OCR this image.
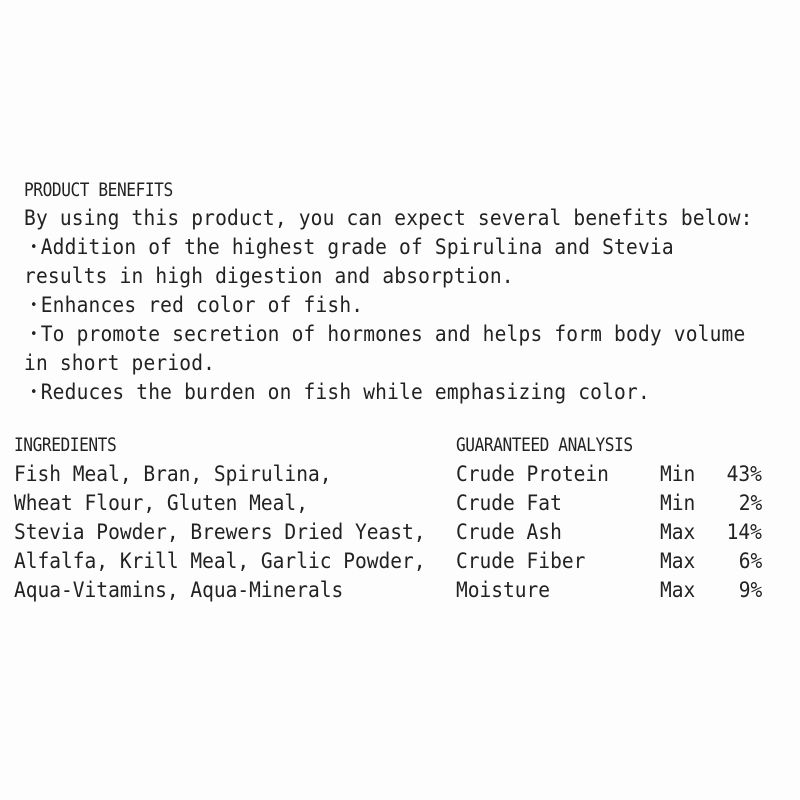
PRODUCT BENEFITS
By using this product, you can expect several benefits below:
・Addition of the highest grade of Spirulina and Stevia
results in high digestion and absorption.
・Enhances red color of fish.
・To promote secretion of hormones and helps form body volume
in short period.
・Reduces the burden on fish while emphasizing color.
INGREDIENTS
Fish Meal, Bran, Spirulina,
Wheat Flour, Gluten Meal,
Stevia Powder, Brewers Dried Yeast,
Alfalfa, Krill Meal, Garlic Powder,
Aqua-Vitamins, Aqua-Minerals
GUARANTEED ANALYSIS
Crude Protein Min 43%
Crude Fat	Min 2%
Crude Ash	Max 14%
Crude Fiber	Max 6%
Moisture	Max 9%
